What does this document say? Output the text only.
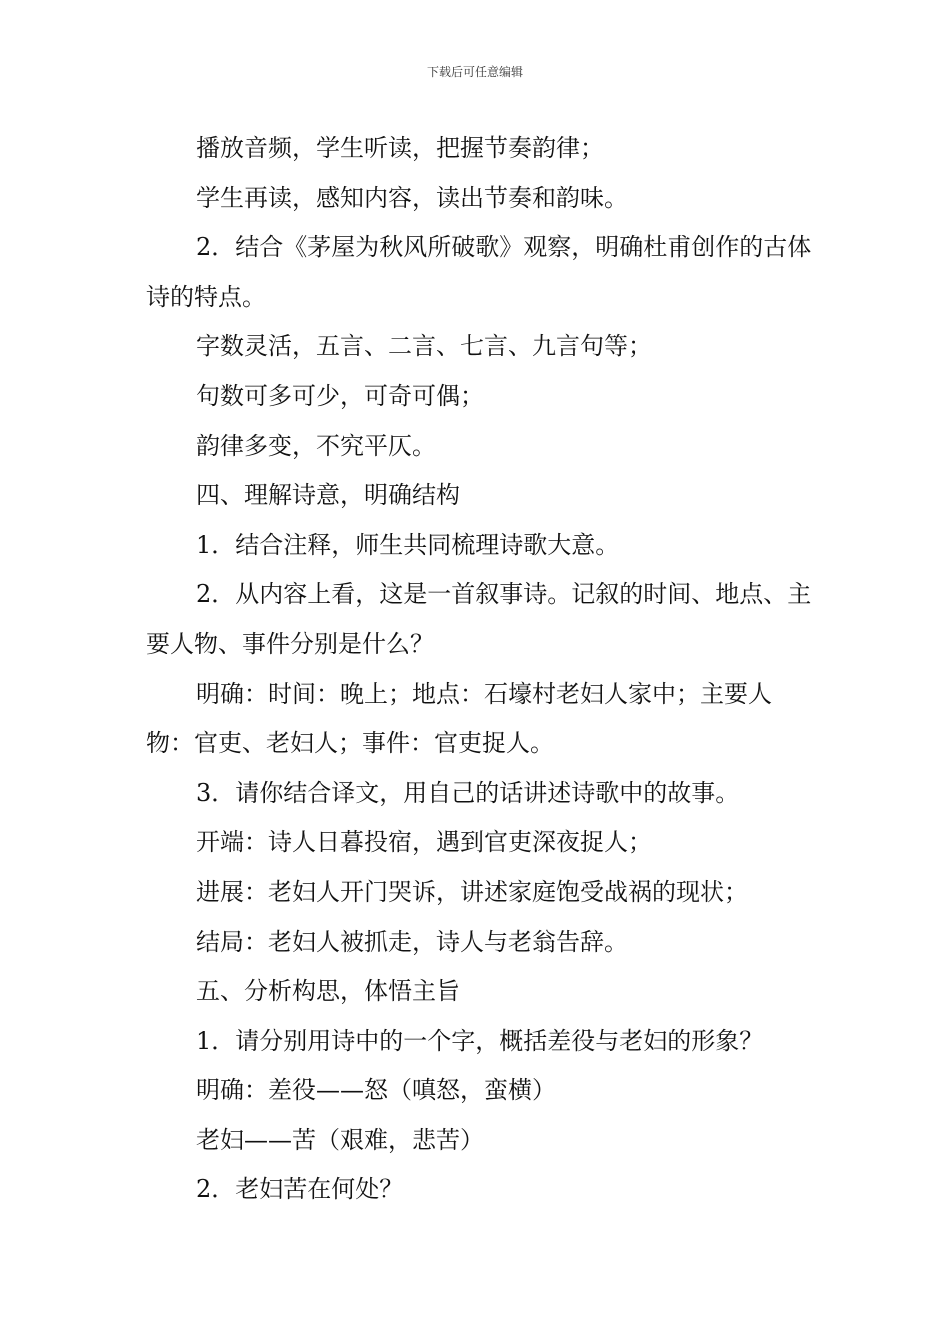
下载后可任意编辑

播放音频，学生听读，把握节奏韵律；

学生再读，感知内容，读出节奏和韵味。

2．结合《茅屋为秋风所破歌》观察，明确杜甫创作的古体诗的特点。

字数灵活，五言、二言、七言、九言句等；

句数可多可少，可奇可偶；

韵律多变，不究平仄。

四、理解诗意，明确结构

1．结合注释，师生共同梳理诗歌大意。

2．从内容上看，这是一首叙事诗。记叙的时间、地点、主要人物、事件分别是什么？

明确：时间：晚上；地点：石壕村老妇人家中；主要人物：官吏、老妇人；事件：官吏捉人。

3．请你结合译文，用自己的话讲述诗歌中的故事。

开端：诗人日暮投宿，遇到官吏深夜捉人；

进展：老妇人开门哭诉，讲述家庭饱受战祸的现状；

结局：老妇人被抓走，诗人与老翁告辞。

五、分析构思，体悟主旨

1．请分别用诗中的一个字，概括差役与老妇的形象？

明确：差役——怒（嗔怒，蛮横）

老妇——苦（艰难，悲苦）

2．老妇苦在何处？
